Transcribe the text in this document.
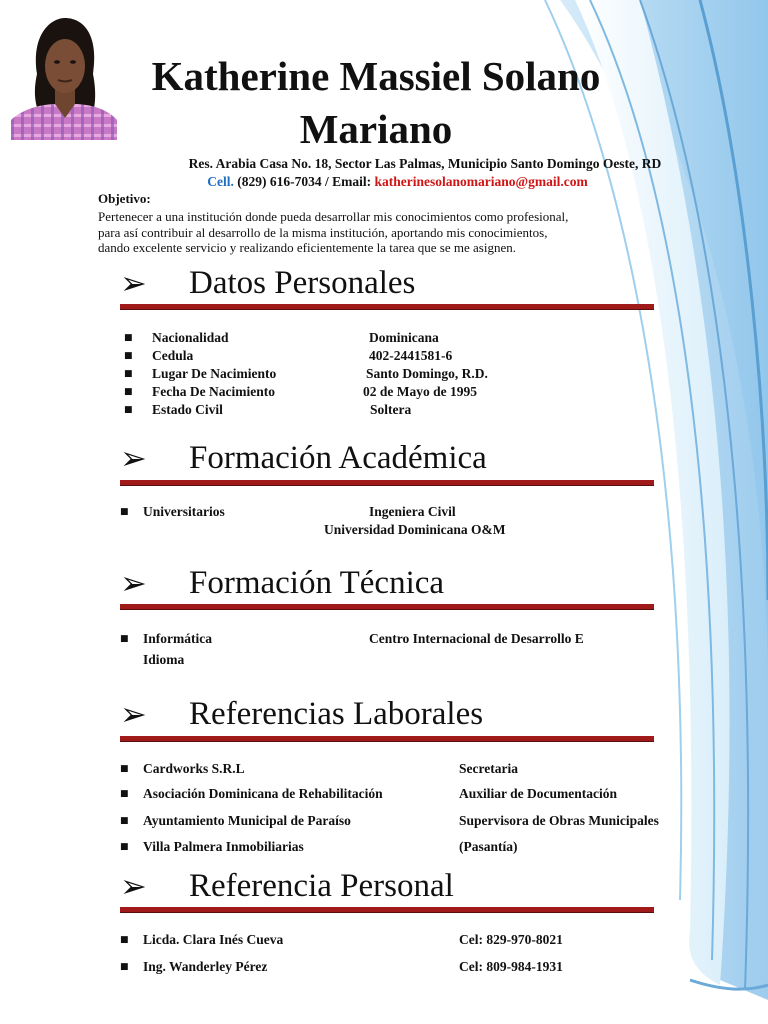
Katherine Massiel Solano Mariano
Res. Arabia Casa No. 18, Sector Las Palmas, Municipio Santo Domingo Oeste, RD
Cell. (829) 616-7034 / Email: katherinesolanomariano@gmail.com
Objetivo:
Pertenecer a una institución donde pueda desarrollar mis conocimientos como profesional,
para así contribuir al desarrollo de la misma institución, aportando mis conocimientos,
dando excelente servicio y realizando eficientemente la tarea que se me asignen.
➢	Datos Personales
■ Nacionalidad	Dominicana
■ Cedula	402-2441581-6
■ Lugar De Nacimiento	Santo Domingo, R.D.
■ Fecha De Nacimiento	02 de Mayo de 1995
■ Estado Civil	Soltera
➢	Formación Académica
■ Universitarios	Ingeniera Civil
Universidad Dominicana O&M
➢	Formación Técnica
■ Informática	Centro Internacional de Desarrollo E
Idioma
➢	Referencias Laborales
■ Cardworks S.R.L	Secretaria
■ Asociación Dominicana de Rehabilitación	Auxiliar de Documentación
■ Ayuntamiento Municipal de Paraíso	Supervisora de Obras Municipales
■ Villa Palmera Inmobiliarias	(Pasantía)
➢	Referencia Personal
■ Licda. Clara Inés Cueva	Cel: 829-970-8021
■ Ing. Wanderley Pérez	Cel: 809-984-1931
